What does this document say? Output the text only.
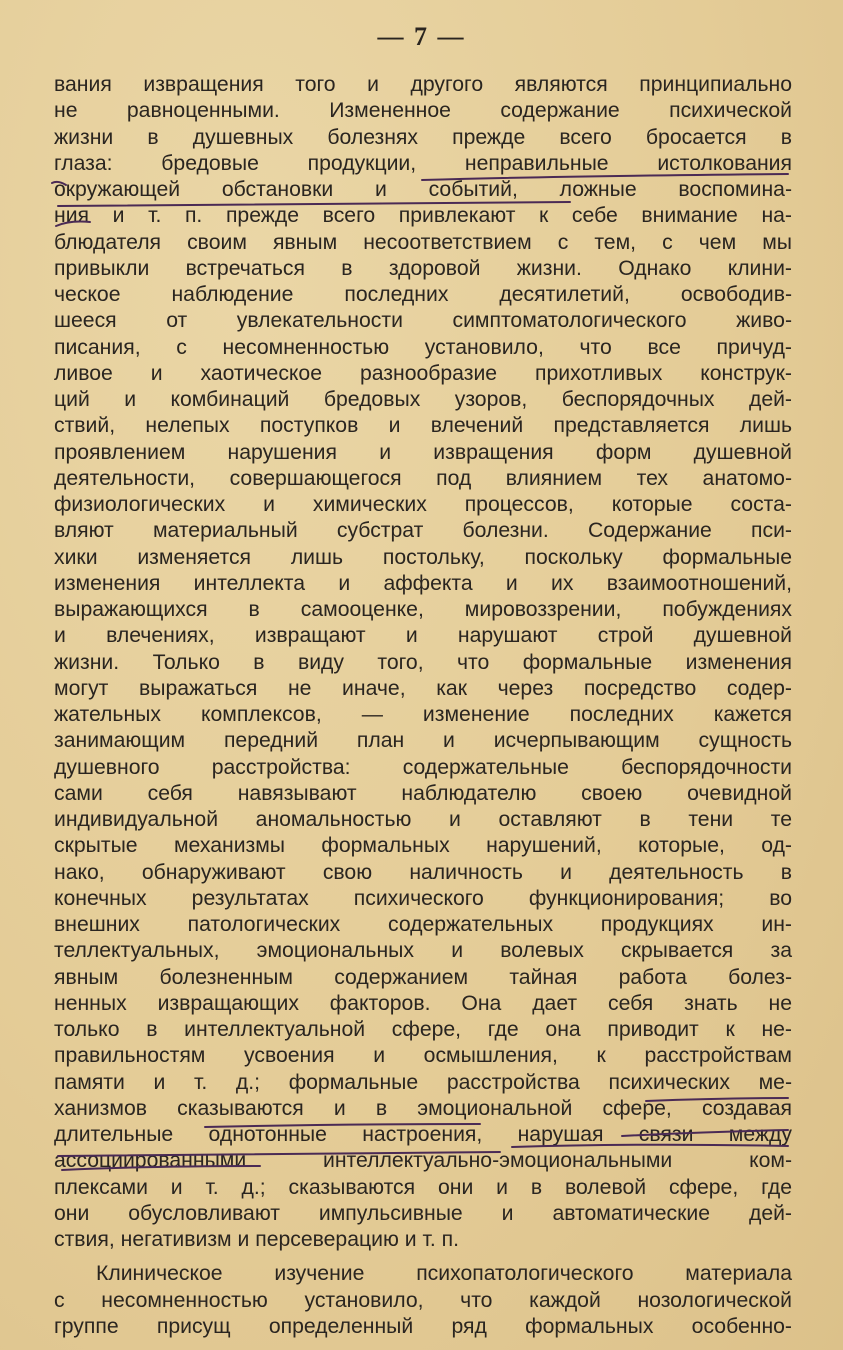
— 7 —
вания извращения того и другого являются принципиально
не равноценными. Измененное содержание психической
жизни в душевных болезнях прежде всего бросается в
глаза: бредовые продукции, неправильные истолкования
окружающей обстановки и событий, ложные воспомина-
ния и т. п. прежде всего привлекают к себе внимание на-
блюдателя своим явным несоответствием с тем, с чем мы
привыкли встречаться в здоровой жизни. Однако клини-
ческое наблюдение последних десятилетий, освободив-
шееся от увлекательности симптоматологического живо-
писания, с несомненностью установило, что все причуд-
ливое и хаотическое разнообразие прихотливых конструк-
ций и комбинаций бредовых узоров, беспорядочных дей-
ствий, нелепых поступков и влечений представляется лишь
проявлением нарушения и извращения форм душевной
деятельности, совершающегося под влиянием тех анатомо-
физиологических и химических процессов, которые соста-
вляют материальный субстрат болезни. Содержание пси-
хики изменяется лишь постольку, поскольку формальные
изменения интеллекта и аффекта и их взаимоотношений,
выражающихся в самооценке, мировоззрении, побуждениях
и влечениях, извращают и нарушают строй душевной
жизни. Только в виду того, что формальные изменения
могут выражаться не иначе, как через посредство содер-
жательных комплексов, — изменение последних кажется
занимающим передний план и исчерпывающим сущность
душевного расстройства: содержательные беспорядочности
сами себя навязывают наблюдателю своею очевидной
индивидуальной аномальностью и оставляют в тени те
скрытые механизмы формальных нарушений, которые, од-
нако, обнаруживают свою наличность и деятельность в
конечных результатах психического функционирования; во
внешних патологических содержательных продукциях ин-
теллектуальных, эмоциональных и волевых скрывается за
явным болезненным содержанием тайная работа болез-
ненных извращающих факторов. Она дает себя знать не
только в интеллектуальной сфере, где она приводит к не-
правильностям усвоения и осмышления, к расстройствам
памяти и т. д.; формальные расстройства психических ме-
ханизмов сказываются и в эмоциональной сфере, создавая
длительные однотонные настроения, нарушая связи между
ассоциированными интеллектуально-эмоциональными ком-
плексами и т. д.; сказываются они и в волевой сфере, где
они обусловливают импульсивные и автоматические дей-
ствия, негативизм и персеверацию и т. п.
Клиническое изучение психопатологического материала
с несомненностью установило, что каждой нозологической
группе присущ определенный ряд формальных особенно-
